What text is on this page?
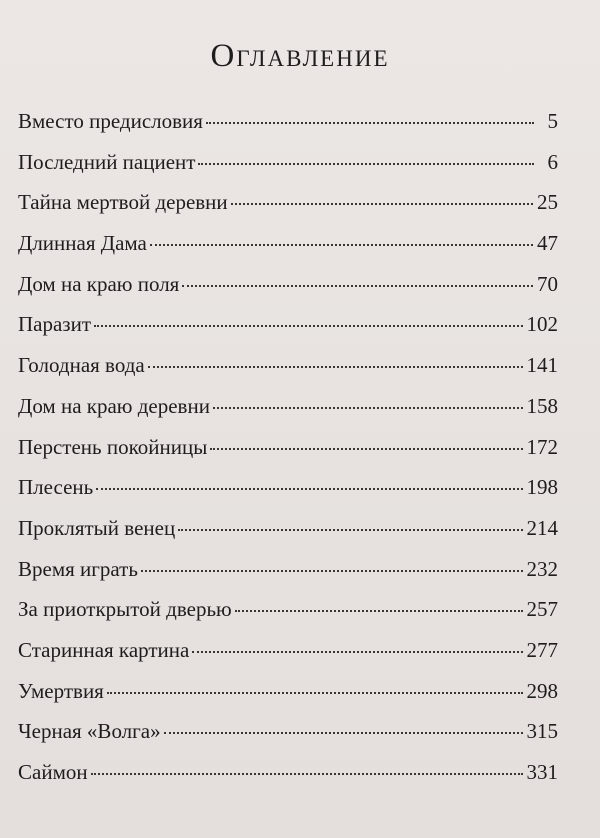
Оглавление
Вместо предисловия	5
Последний пациент	6
Тайна мертвой деревни	25
Длинная Дама	47
Дом на краю поля	70
Паразит	102
Голодная вода	141
Дом на краю деревни	158
Перстень покойницы	172
Плесень	198
Проклятый венец	214
Время играть	232
За приоткрытой дверью	257
Старинная картина	277
Умертвия	298
Черная «Волга»	315
Саймон	331
